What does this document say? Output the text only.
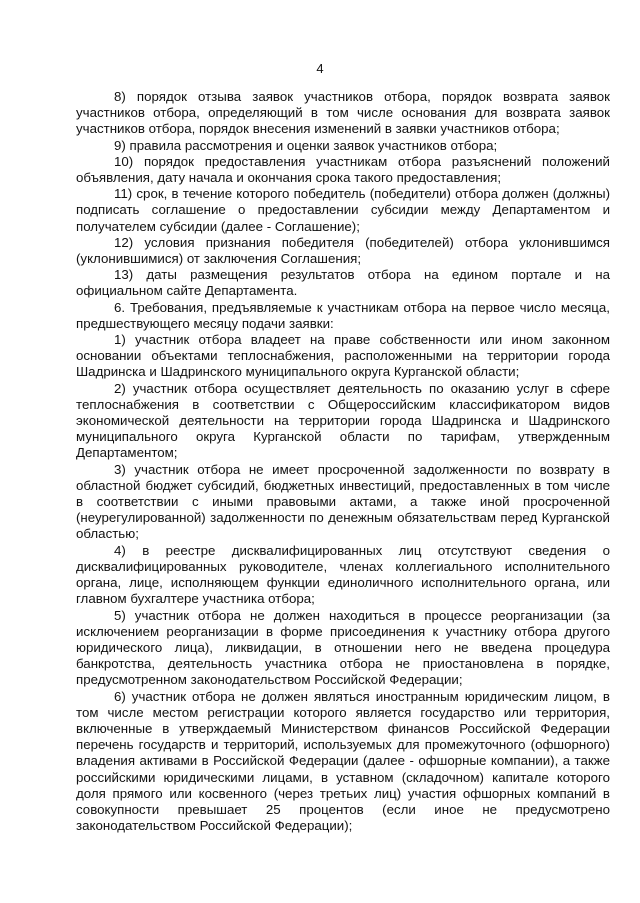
4

8) порядок отзыва заявок участников отбора, порядок возврата заявок участников отбора, определяющий в том числе основания для возврата заявок участников отбора, порядок внесения изменений в заявки участников отбора;

9) правила рассмотрения и оценки заявок участников отбора;

10) порядок предоставления участникам отбора разъяснений положений объявления, дату начала и окончания срока такого предоставления;

11) срок, в течение которого победитель (победители) отбора должен (должны) подписать соглашение о предоставлении субсидии между Департаментом и получателем субсидии (далее - Соглашение);

12) условия признания победителя (победителей) отбора уклонившимся (уклонившимися) от заключения Соглашения;

13) даты размещения результатов отбора на едином портале и на официальном сайте Департамента.

6. Требования, предъявляемые к участникам отбора на первое число месяца, предшествующего месяцу подачи заявки:

1) участник отбора владеет на праве собственности или ином законном основании объектами теплоснабжения, расположенными на территории города Шадринска и Шадринского муниципального округа Курганской области;

2) участник отбора осуществляет деятельность по оказанию услуг в сфере теплоснабжения в соответствии с Общероссийским классификатором видов экономической деятельности на территории города Шадринска и Шадринского муниципального округа Курганской области по тарифам, утвержденным Департаментом;

3) участник отбора не имеет просроченной задолженности по возврату в областной бюджет субсидий, бюджетных инвестиций, предоставленных в том числе в соответствии с иными правовыми актами, а также иной просроченной (неурегулированной) задолженности по денежным обязательствам перед Курганской областью;

4) в реестре дисквалифицированных лиц отсутствуют сведения о дисквалифицированных руководителе, членах коллегиального исполнительного органа, лице, исполняющем функции единоличного исполнительного органа, или главном бухгалтере участника отбора;

5) участник отбора не должен находиться в процессе реорганизации (за исключением реорганизации в форме присоединения к участнику отбора другого юридического лица), ликвидации, в отношении него не введена процедура банкротства, деятельность участника отбора не приостановлена в порядке, предусмотренном законодательством Российской Федерации;

6) участник отбора не должен являться иностранным юридическим лицом, в том числе местом регистрации которого является государство или территория, включенные в утверждаемый Министерством финансов Российской Федерации перечень государств и территорий, используемых для промежуточного (офшорного) владения активами в Российской Федерации (далее - офшорные компании), а также российскими юридическими лицами, в уставном (складочном) капитале которого доля прямого или косвенного (через третьих лиц) участия офшорных компаний в совокупности превышает 25 процентов (если иное не предусмотрено законодательством Российской Федерации);
